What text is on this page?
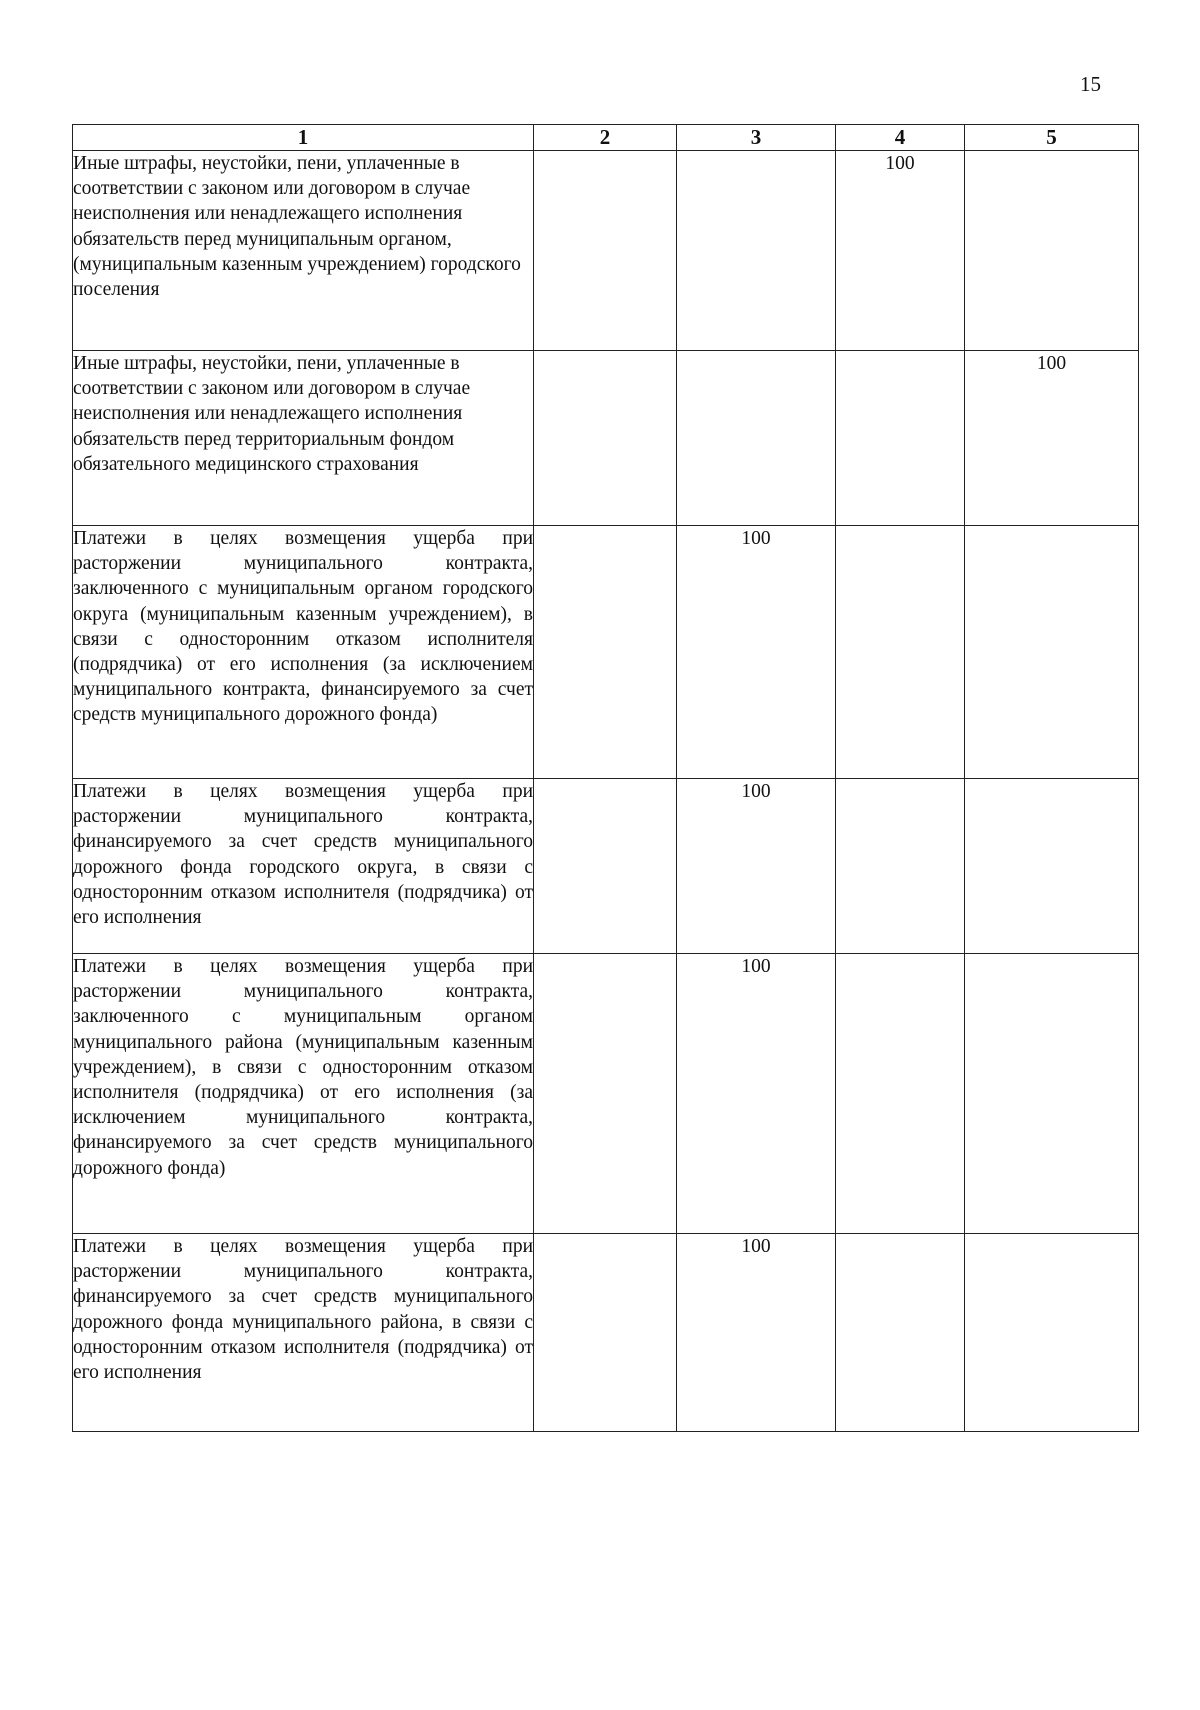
15
1	2	3	4	5
Иные штрафы, неустойки, пени, уплаченные в соответствии с законом или договором в случае неисполнения или ненадлежащего исполнения обязательств перед муниципальным органом, (муниципальным казенным учреждением) городского поселения			100	
Иные штрафы, неустойки, пени, уплаченные в соответствии с законом или договором в случае неисполнения или ненадлежащего исполнения обязательств перед территориальным фондом обязательного медицинского страхования				100
Платежи в целях возмещения ущерба при расторжении муниципального контракта, заключенного с муниципальным органом городского округа (муниципальным казенным учреждением), в связи с односторонним отказом исполнителя (подрядчика) от его исполнения (за исключением муниципального контракта, финансируемого за счет средств муниципального дорожного фонда)		100		
Платежи в целях возмещения ущерба при расторжении муниципального контракта, финансируемого за счет средств муниципального дорожного фонда городского округа, в связи с односторонним отказом исполнителя (подрядчика) от его исполнения		100		
Платежи в целях возмещения ущерба при расторжении муниципального контракта, заключенного с муниципальным органом муниципального района (муниципальным казенным учреждением), в связи с односторонним отказом исполнителя (подрядчика) от его исполнения (за исключением муниципального контракта, финансируемого за счет средств муниципального дорожного фонда)		100		
Платежи в целях возмещения ущерба при расторжении муниципального контракта, финансируемого за счет средств муниципального дорожного фонда муниципального района, в связи с односторонним отказом исполнителя (подрядчика) от его исполнения		100		
